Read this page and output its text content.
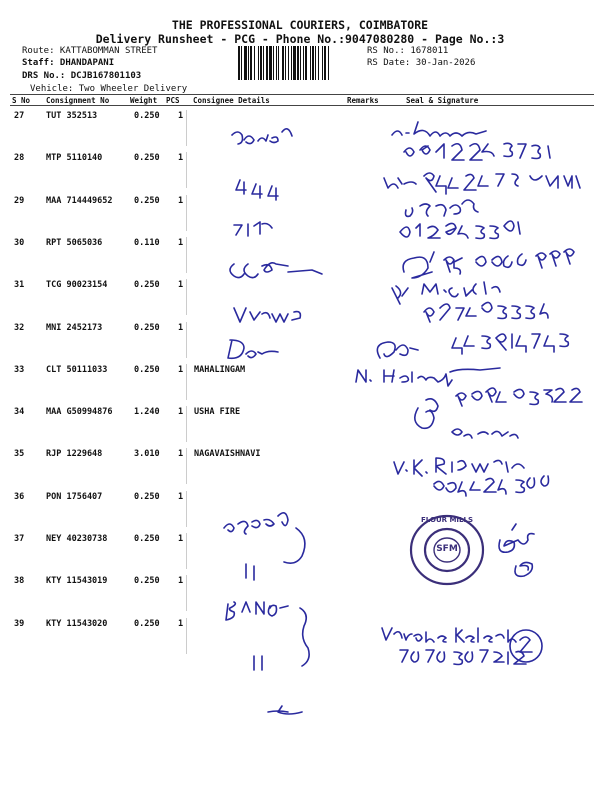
THE PROFESSIONAL COURIERS, COIMBATORE
Delivery Runsheet - PCG - Phone No.:9047080280 - Page No.:3
Route: KATTABOMMAN STREET
Staff: DHANDAPANI
DRS No.: DCJB167801103
Vehicle: Two Wheeler Delivery
RS No.: 1678011
RS Date: 30-Jan-2026
S No Consignment No	Weight PCS Consignee Details	Remarks	Seal & Signature
27	TUT 352513	0.250 1
28	MTP 5110140	0.250 1
29	MAA 714449652	0.250 1
30	RPT 5065036	0.110 1
31	TCG 90023154	0.250 1
32	MNI 2452173	0.250 1
33	CLT 50111033	0.250 1 MAHALINGAM
34	MAA G50994876	1.240 1 USHA FIRE
35	RJP 1229648	3.010 1 NAGAVAISHNAVI
36	PON 1756407	0.250 1
37	NEY 40230738	0.250 1
38	KTY 11543019	0.250 1
39	KTY 11543020	0.250 1
FLOUR MILLS
SFM
